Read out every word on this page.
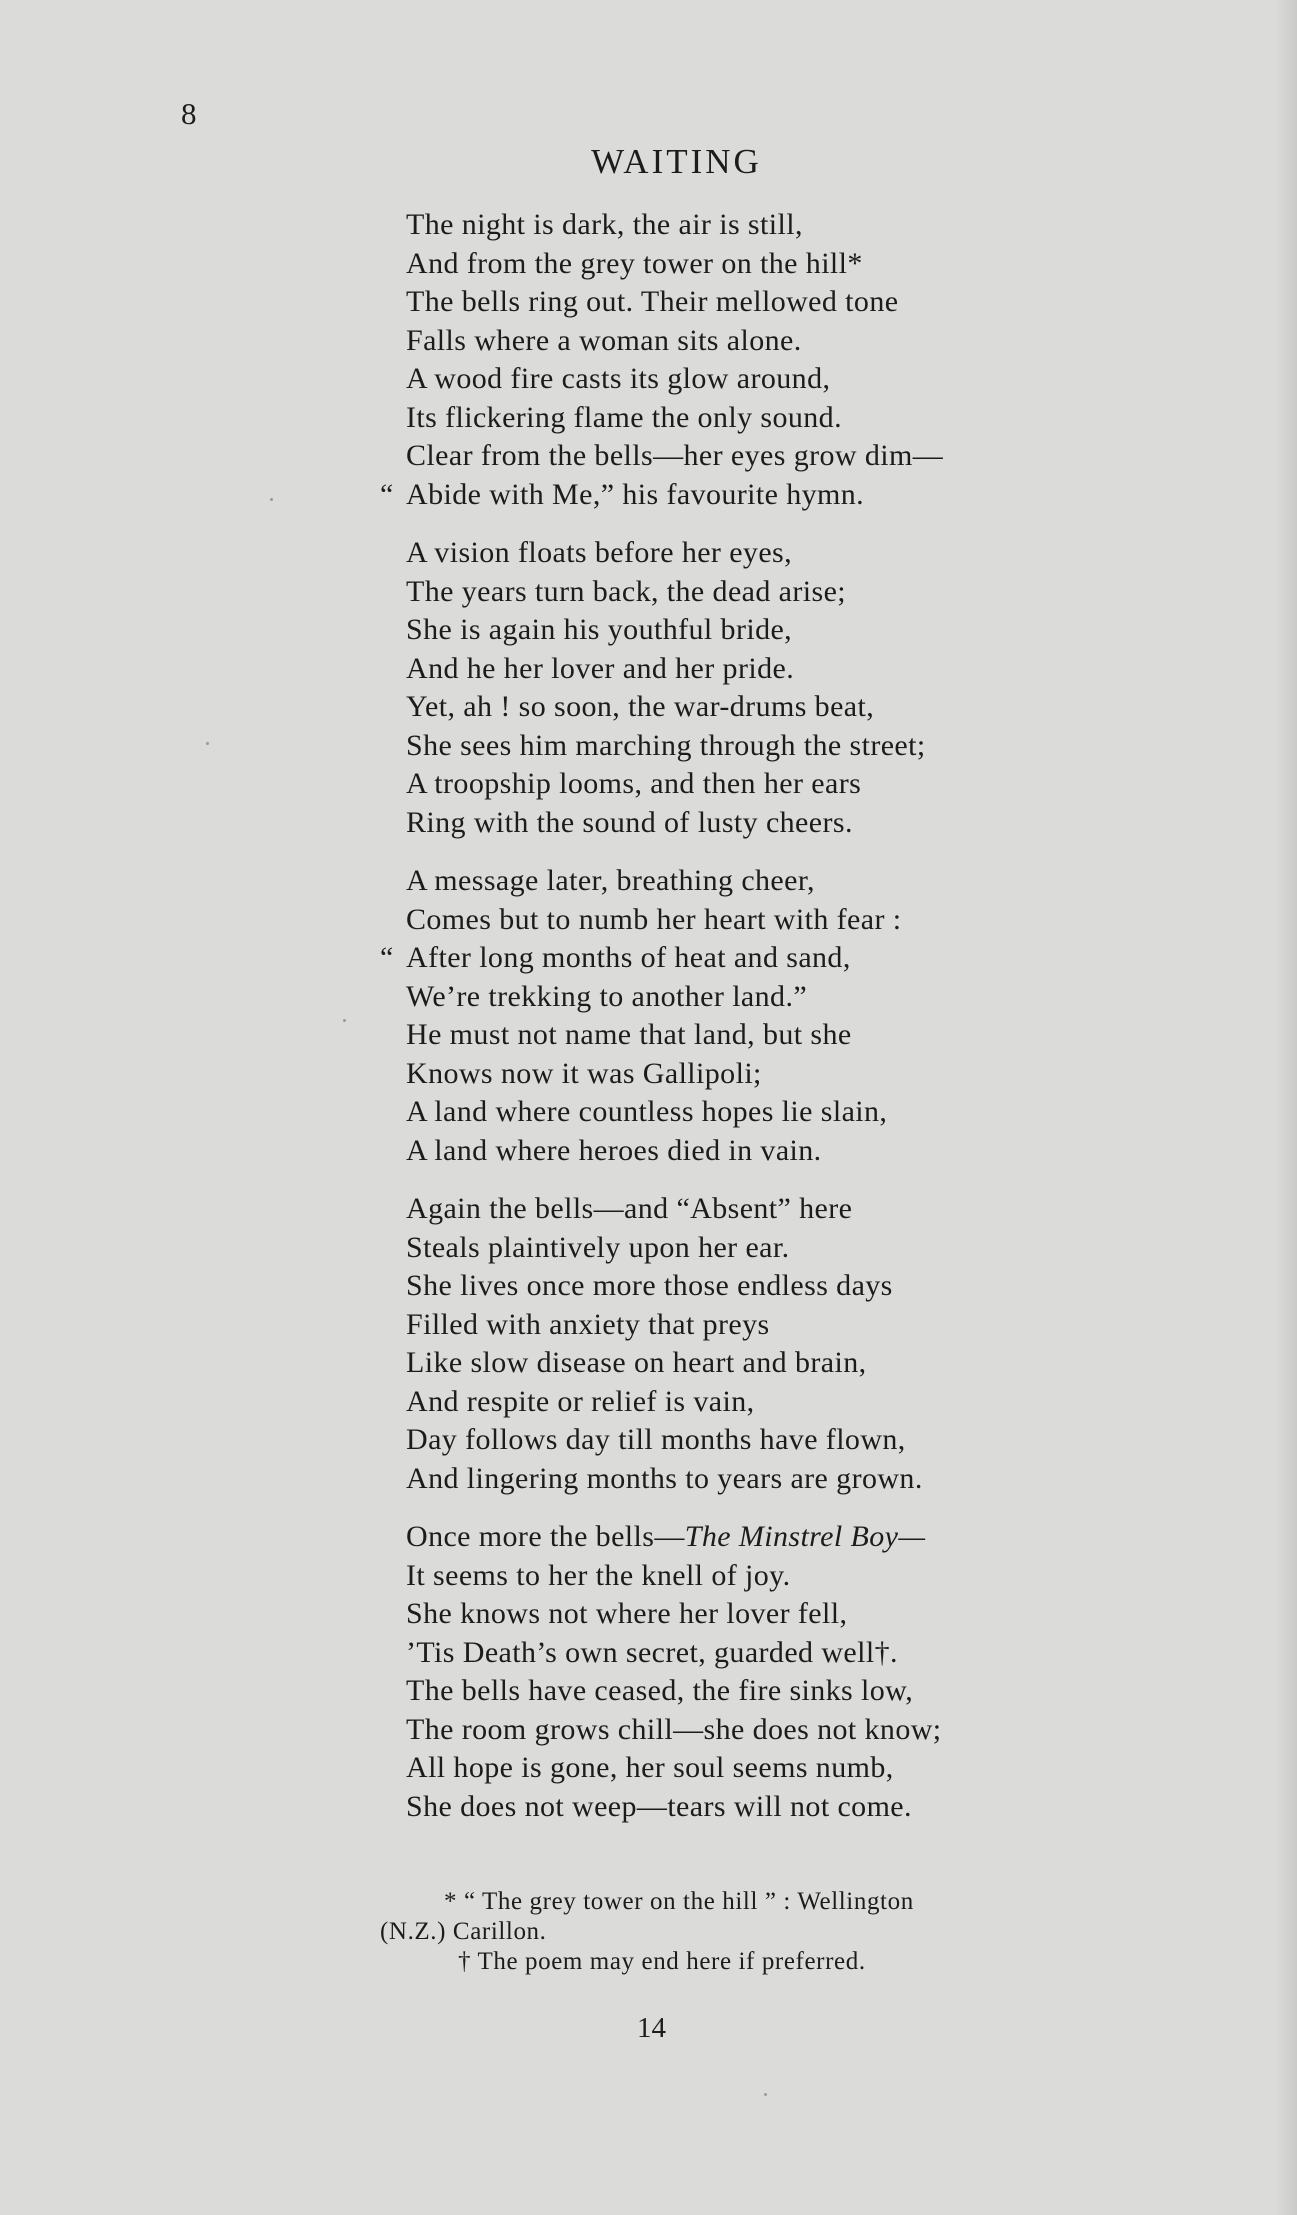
8
WAITING
The night is dark, the air is still,
And from the grey tower on the hill*
The bells ring out. Their mellowed tone
Falls where a woman sits alone.
A wood fire casts its glow around,
Its flickering flame the only sound.
Clear from the bells—her eyes grow dim—
“ Abide with Me,” his favourite hymn.
A vision floats before her eyes,
The years turn back, the dead arise;
She is again his youthful bride,
And he her lover and her pride.
Yet, ah ! so soon, the war-drums beat,
She sees him marching through the street;
A troopship looms, and then her ears
Ring with the sound of lusty cheers.
A message later, breathing cheer,
Comes but to numb her heart with fear :
“ After long months of heat and sand,
We’re trekking to another land.”
He must not name that land, but she
Knows now it was Gallipoli;
A land where countless hopes lie slain,
A land where heroes died in vain.
Again the bells—and “Absent” here
Steals plaintively upon her ear.
She lives once more those endless days
Filled with anxiety that preys
Like slow disease on heart and brain,
And respite or relief is vain,
Day follows day till months have flown,
And lingering months to years are grown.
Once more the bells—The Minstrel Boy—
It seems to her the knell of joy.
She knows not where her lover fell,
’Tis Death’s own secret, guarded well†.
The bells have ceased, the fire sinks low,
The room grows chill—she does not know;
All hope is gone, her soul seems numb,
She does not weep—tears will not come.
* “ The grey tower on the hill ” : Wellington
(N.Z.) Carillon.
† The poem may end here if preferred.
14
